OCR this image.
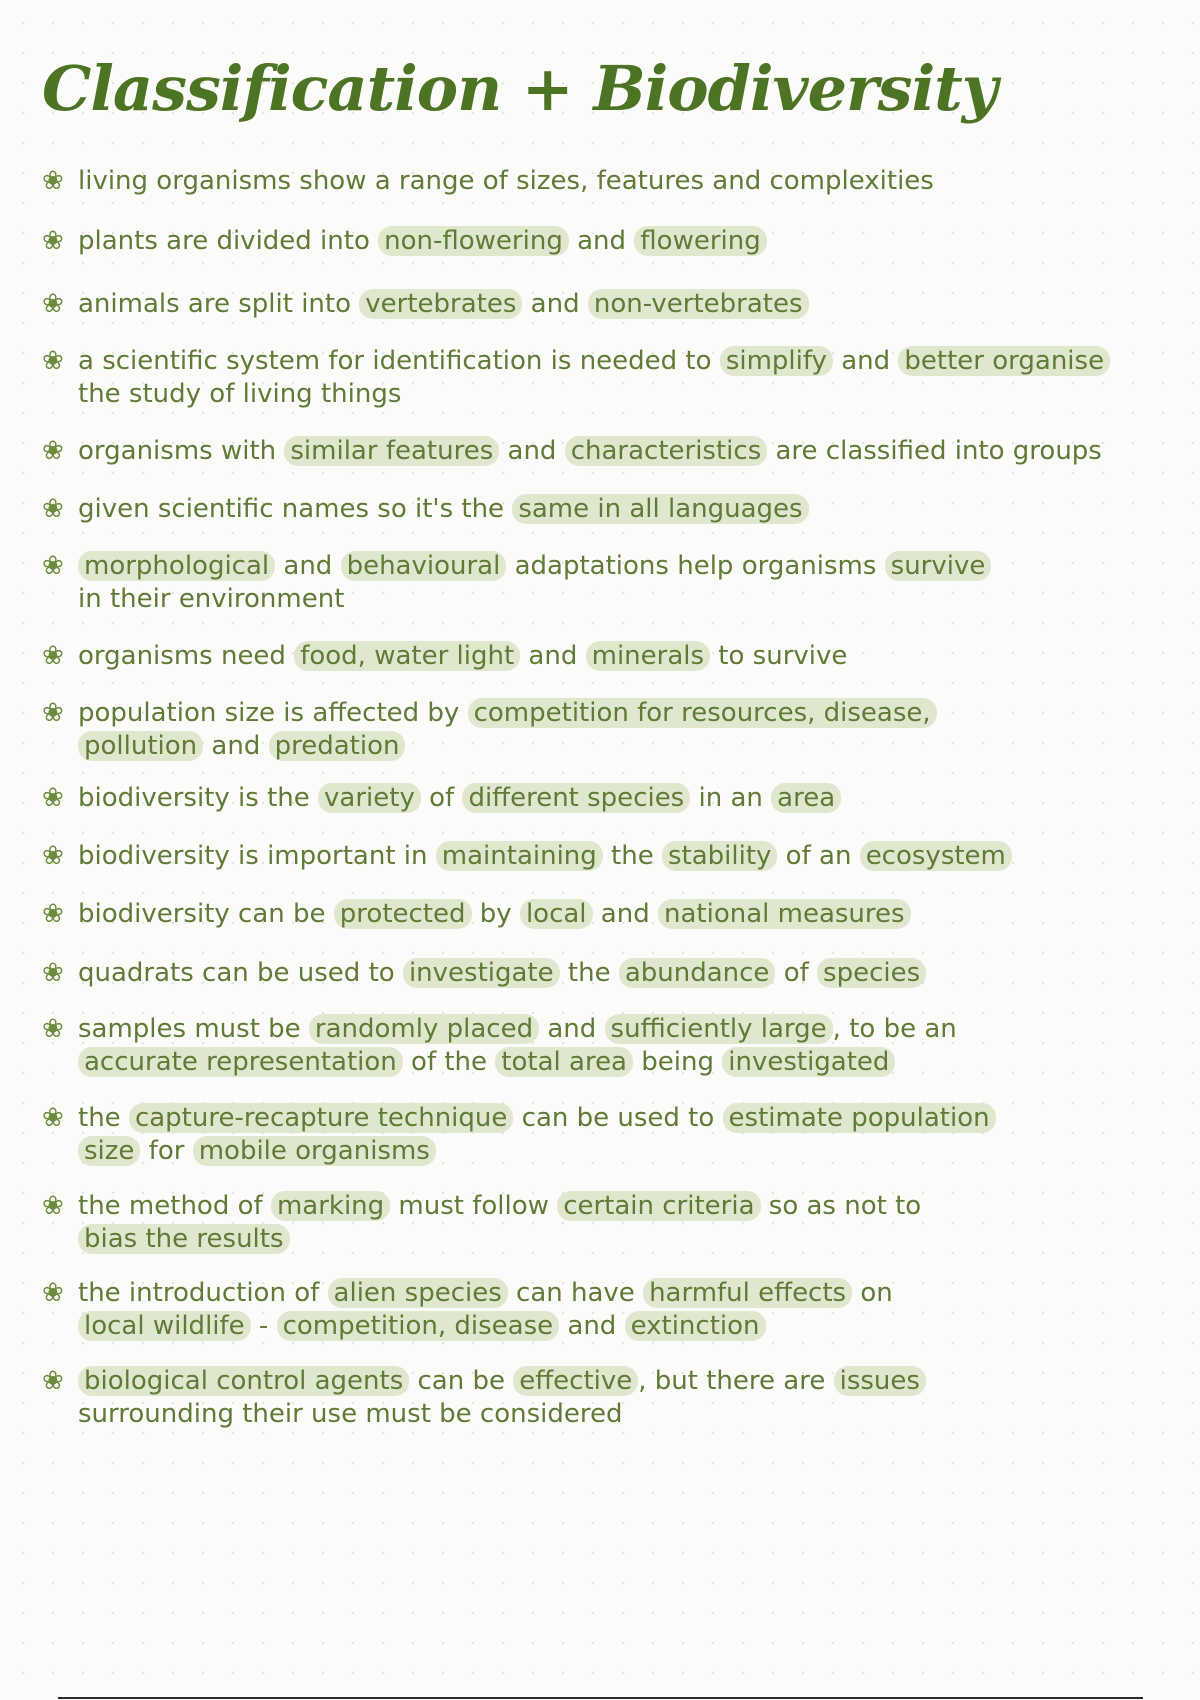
Classification + Biodiversity
❀ living organisms show a range of sizes, features and complexities
❀ plants are divided into non-flowering and flowering
❀ animals are split into vertebrates and non-vertebrates
❀ a scientific system for identification is needed to simplify and better organise
the study of living things
❀ organisms with similar features and characteristics are classified into groups
❀ given scientific names so it's the same in all languages
❀ morphological and behavioural adaptations help organisms survive
in their environment
❀ organisms need food, water light and minerals to survive
❀ population size is affected by competition for resources, disease,
pollution and predation
❀ biodiversity is the variety of different species in an area
❀ biodiversity is important in maintaining the stability of an ecosystem
❀ biodiversity can be protected by local and national measures
❀ quadrats can be used to investigate the abundance of species
❀ samples must be randomly placed and sufficiently large , to be an
accurate representation of the total area being investigated
❀ the capture-recapture technique can be used to estimate population
size for mobile organisms
❀ the method of marking must follow certain criteria so as not to
bias the results
❀ the introduction of alien species can have harmful effects on
local wildlife - competition, disease and extinction
❀ biological control agents can be effective , but there are issues
surrounding their use must be considered
